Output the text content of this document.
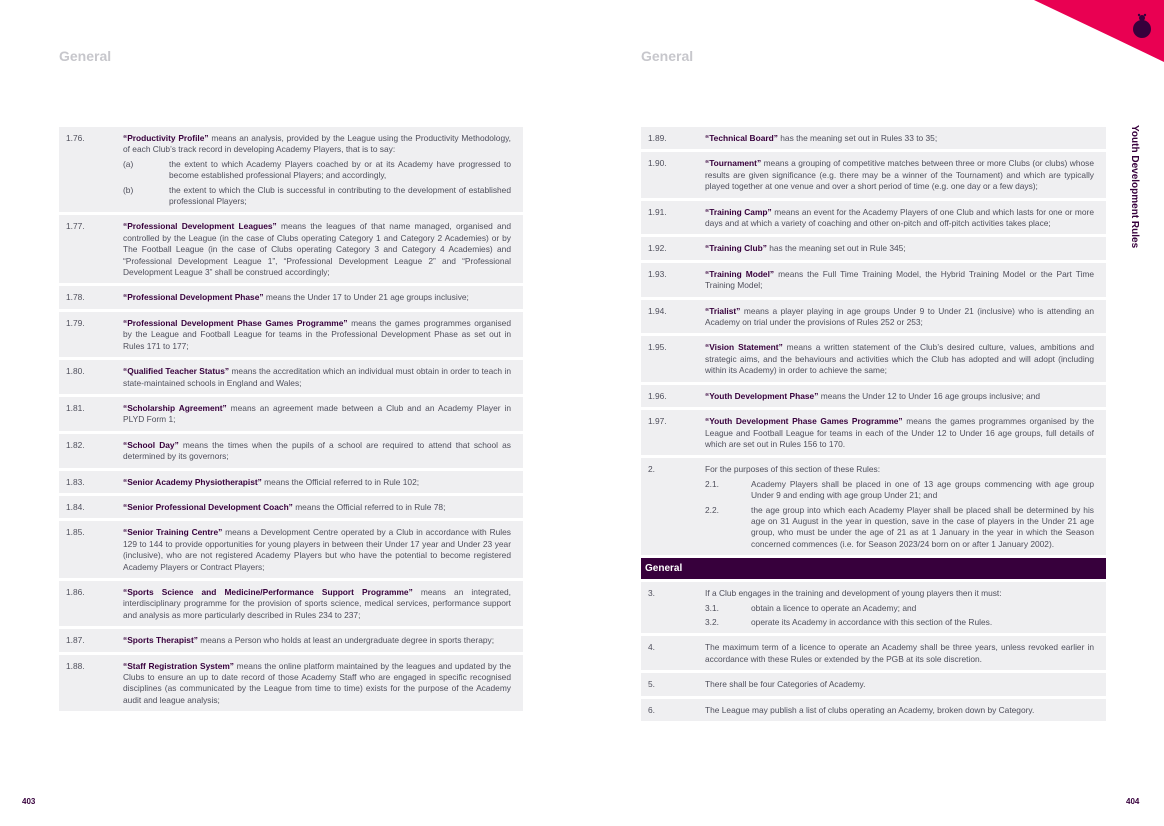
General	General
Youth Development Rules
1.76.	“Productivity Profile” means an analysis, provided by the League using the Productivity Methodology, of each Club’s track record in developing Academy Players, that is to say:
(a)	the extent to which Academy Players coached by or at its Academy have progressed to become established professional Players; and accordingly,
(b)	the extent to which the Club is successful in contributing to the development of established professional Players;
1.77.	“Professional Development Leagues” means the leagues of that name managed, organised and controlled by the League (in the case of Clubs operating Category 1 and Category 2 Academies) or by The Football League (in the case of Clubs operating Category 3 and Category 4 Academies) and “Professional Development League 1”, “Professional Development League 2” and “Professional Development League 3” shall be construed accordingly;
1.78.	“Professional Development Phase” means the Under 17 to Under 21 age groups inclusive;
1.79.	“Professional Development Phase Games Programme” means the games programmes organised by the League and Football League for teams in the Professional Development Phase as set out in Rules 171 to 177;
1.80.	“Qualified Teacher Status” means the accreditation which an individual must obtain in order to teach in state-maintained schools in England and Wales;
1.81.	“Scholarship Agreement” means an agreement made between a Club and an Academy Player in PLYD Form 1;
1.82.	“School Day” means the times when the pupils of a school are required to attend that school as determined by its governors;
1.83.	“Senior Academy Physiotherapist” means the Official referred to in Rule 102;
1.84.	“Senior Professional Development Coach” means the Official referred to in Rule 78;
1.85.	“Senior Training Centre” means a Development Centre operated by a Club in accordance with Rules 129 to 144 to provide opportunities for young players in between their Under 17 year and Under 23 year (inclusive), who are not registered Academy Players but who have the potential to become registered Academy Players or Contract Players;
1.86.	“Sports Science and Medicine/Performance Support Programme” means an integrated, interdisciplinary programme for the provision of sports science, medical services, performance support and analysis as more particularly described in Rules 234 to 237;
1.87.	“Sports Therapist” means a Person who holds at least an undergraduate degree in sports therapy;
1.88.	“Staff Registration System” means the online platform maintained by the leagues and updated by the Clubs to ensure an up to date record of those Academy Staff who are engaged in specific recognised disciplines (as communicated by the League from time to time) exists for the purpose of the Academy audit and league analysis;
1.89.	“Technical Board” has the meaning set out in Rules 33 to 35;
1.90.	“Tournament” means a grouping of competitive matches between three or more Clubs (or clubs) whose results are given significance (e.g. there may be a winner of the Tournament) and which are typically played together at one venue and over a short period of time (e.g. one day or a few days);
1.91.	“Training Camp” means an event for the Academy Players of one Club and which lasts for one or more days and at which a variety of coaching and other on-pitch and off-pitch activities takes place;
1.92.	“Training Club” has the meaning set out in Rule 345;
1.93.	“Training Model” means the Full Time Training Model, the Hybrid Training Model or the Part Time Training Model;
1.94.	“Trialist” means a player playing in age groups Under 9 to Under 21 (inclusive) who is attending an Academy on trial under the provisions of Rules 252 or 253;
1.95.	“Vision Statement” means a written statement of the Club’s desired culture, values, ambitions and strategic aims, and the behaviours and activities which the Club has adopted and will adopt (including within its Academy) in order to achieve the same;
1.96.	“Youth Development Phase” means the Under 12 to Under 16 age groups inclusive; and
1.97.	“Youth Development Phase Games Programme” means the games programmes organised by the League and Football League for teams in each of the Under 12 to Under 16 age groups, full details of which are set out in Rules 156 to 170.
2.	For the purposes of this section of these Rules:
2.1.	Academy Players shall be placed in one of 13 age groups commencing with age group Under 9 and ending with age group Under 21; and
2.2.	the age group into which each Academy Player shall be placed shall be determined by his age on 31 August in the year in question, save in the case of players in the Under 21 age group, who must be under the age of 21 as at 1 January in the year in which the Season concerned commences (i.e. for Season 2023/24 born on or after 1 January 2002).
General
3.	If a Club engages in the training and development of young players then it must:
3.1.	obtain a licence to operate an Academy; and
3.2.	operate its Academy in accordance with this section of the Rules.
4.	The maximum term of a licence to operate an Academy shall be three years, unless revoked earlier in accordance with these Rules or extended by the PGB at its sole discretion.
5.	There shall be four Categories of Academy.
6.	The League may publish a list of clubs operating an Academy, broken down by Category.
403	404
